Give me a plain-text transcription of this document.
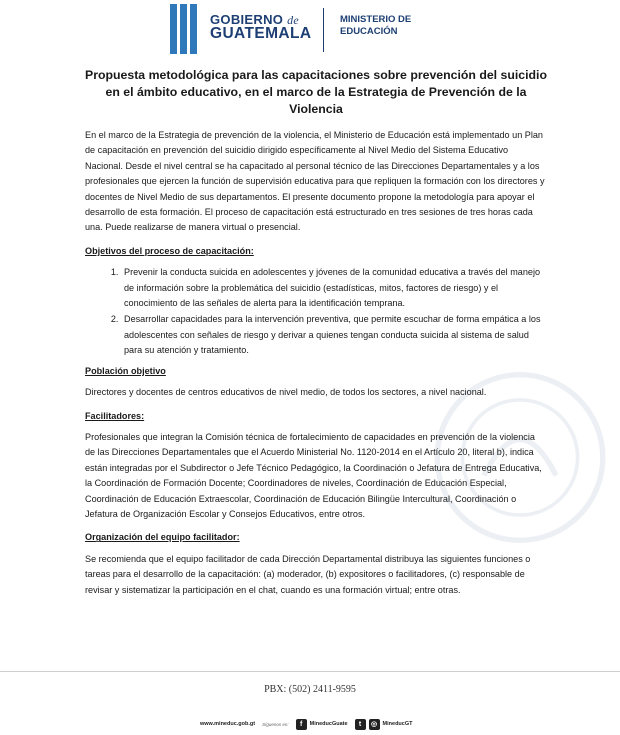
GOBIERNO de
GUATEMALA
MINISTERIO DE
EDUCACIÓN
Propuesta metodológica para las capacitaciones sobre prevención del suicidio en el ámbito educativo, en el marco de la Estrategia de Prevención de la Violencia

En el marco de la Estrategia de prevención de la violencia, el Ministerio de Educación está implementado un Plan de capacitación en prevención del suicidio dirigido específicamente al Nivel Medio del Sistema Educativo Nacional. Desde el nivel central se ha capacitado al personal técnico de las Direcciones Departamentales y a los profesionales que ejercen la función de supervisión educativa para que repliquen la formación con los directores y docentes de Nivel Medio de sus departamentos. El presente documento propone la metodología para apoyar el desarrollo de esta formación. El proceso de capacitación está estructurado en tres sesiones de tres horas cada una. Puede realizarse de manera virtual o presencial.

Objetivos del proceso de capacitación:

1. Prevenir la conducta suicida en adolescentes y jóvenes de la comunidad educativa a través del manejo de información sobre la problemática del suicidio (estadísticas, mitos, factores de riesgo) y el conocimiento de las señales de alerta para la identificación temprana.
2. Desarrollar capacidades para la intervención preventiva, que permite escuchar de forma empática a los adolescentes con señales de riesgo y derivar a quienes tengan conducta suicida al sistema de salud para su atención y tratamiento.

Población objetivo

Directores y docentes de centros educativos de nivel medio, de todos los sectores, a nivel nacional.

Facilitadores:

Profesionales que integran la Comisión técnica de fortalecimiento de capacidades en prevención de la violencia de las Direcciones Departamentales que el Acuerdo Ministerial No. 1120-2014 en el Artículo 20, literal b), indica están integradas por el Subdirector o Jefe Técnico Pedagógico, la Coordinación o Jefatura de Entrega Educativa, la Coordinación de Formación Docente; Coordinadores de niveles, Coordinación de Educación Especial, Coordinación de Educación Extraescolar, Coordinación de Educación Bilingüe Intercultural, Coordinación o Jefatura de Organización Escolar y Consejos Educativos, entre otros.

Organización del equipo facilitador:

Se recomienda que el equipo facilitador de cada Dirección Departamental distribuya las siguientes funciones o tareas para el desarrollo de la capacitación: (a) moderador, (b) expositores o facilitadores, (c) responsable de revisar y sistematizar la participación en el chat, cuando es una formación virtual; entre otras.

PBX: (502) 2411-9595
www.mineduc.gob.gt Síguenos en:	f	MineducGuate	t	◎ MineducGT
